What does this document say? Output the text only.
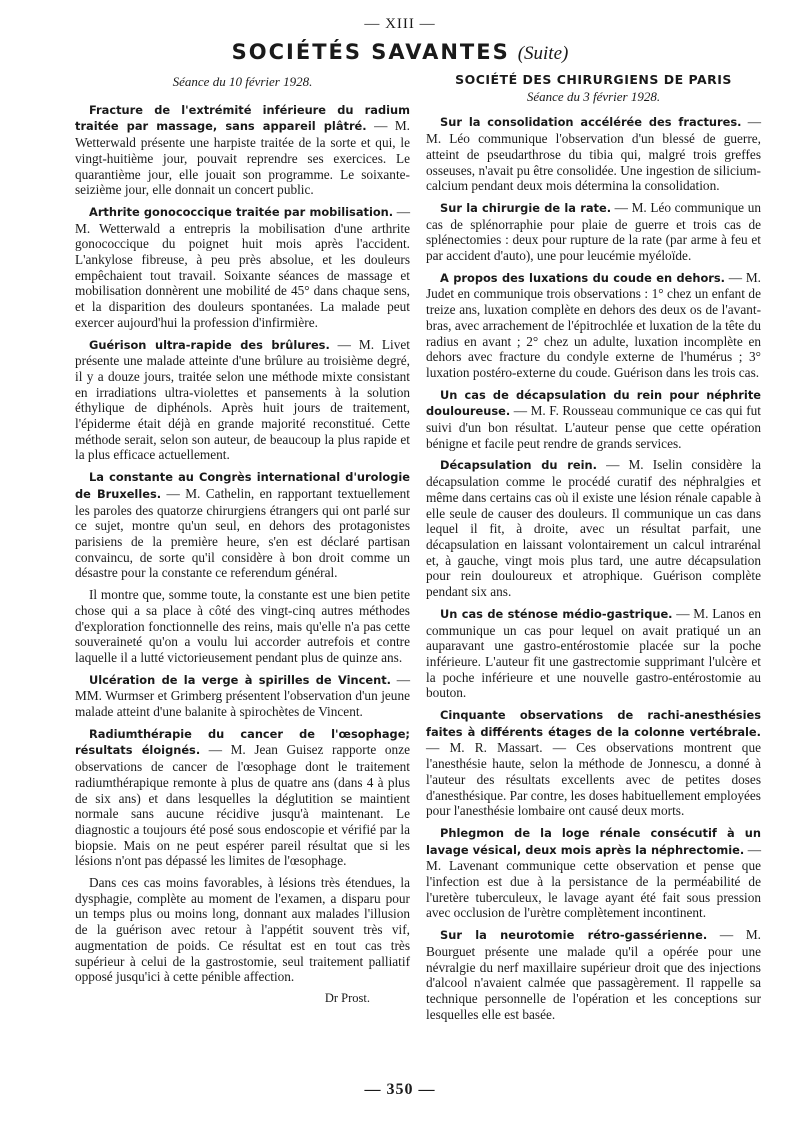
— XIII —
SOCIÉTÉS SAVANTES (Suite)
Séance du 10 février 1928.

Fracture de l'extrémité inférieure du radium traitée par massage, sans appareil plâtré. — M. Wetterwald présente une harpiste traitée de la sorte et qui, le vingt-huitième jour, pouvait reprendre ses exercices. Le quarantième jour, elle jouait son programme. Le soixante-seizième jour, elle donnait un concert public.

Arthrite gonococcique traitée par mobilisation. — M. Wetterwald a entrepris la mobilisation d'une arthrite gonococcique du poignet huit mois après l'accident. L'ankylose fibreuse, à peu près absolue, et les douleurs empêchaient tout travail. Soixante séances de massage et mobilisation donnèrent une mobilité de 45° dans chaque sens, et la disparition des douleurs spontanées. La malade peut exercer aujourd'hui la profession d'infirmière.

Guérison ultra-rapide des brûlures. — M. Livet présente une malade atteinte d'une brûlure au troisième degré, il y a douze jours, traitée selon une méthode mixte consistant en irradiations ultra-violettes et pansements à la solution éthylique de diphénols. Après huit jours de traitement, l'épiderme était déjà en grande majorité reconstitué. Cette méthode serait, selon son auteur, de beaucoup la plus rapide et la plus efficace actuellement.

La constante au Congrès international d'urologie de Bruxelles. — M. Cathelin, en rapportant textuellement les paroles des quatorze chirurgiens étrangers qui ont parlé sur ce sujet, montre qu'un seul, en dehors des protagonistes parisiens de la première heure, s'en est déclaré partisan convaincu, de sorte qu'il considère à bon droit comme un désastre pour la constante ce referendum général.

Il montre que, somme toute, la constante est une bien petite chose qui a sa place à côté des vingt-cinq autres méthodes d'exploration fonctionnelle des reins, mais qu'elle n'a pas cette souveraineté qu'on a voulu lui accorder autrefois et contre laquelle il a lutté victorieusement pendant plus de quinze ans.

Ulcération de la verge à spirilles de Vincent. — MM. Wurmser et Grimberg présentent l'observation d'un jeune malade atteint d'une balanite à spirochètes de Vincent.

Radiumthérapie du cancer de l'œsophage; résultats éloignés. — M. Jean Guisez rapporte onze observations de cancer de l'œsophage dont le traitement radiumthérapique remonte à plus de quatre ans (dans 4 à plus de six ans) et dans lesquelles la déglutition se maintient normale sans aucune récidive jusqu'à maintenant. Le diagnostic a toujours été posé sous endoscopie et vérifié par la biopsie. Mais on ne peut espérer pareil résultat que si les lésions n'ont pas dépassé les limites de l'œsophage.

Dans ces cas moins favorables, à lésions très étendues, la dysphagie, complète au moment de l'examen, a disparu pour un temps plus ou moins long, donnant aux malades l'illusion de la guérison avec retour à l'appétit souvent très vif, augmentation de poids. Ce résultat est en tout cas très supérieur à celui de la gastrostomie, seul traitement palliatif opposé jusqu'ici à cette pénible affection.

Dr Prost.
SOCIÉTÉ DES CHIRURGIENS DE PARIS
Séance du 3 février 1928.

Sur la consolidation accélérée des fractures. — M. Léo communique l'observation d'un blessé de guerre, atteint de pseudarthrose du tibia qui, malgré trois greffes osseuses, n'avait pu être consolidée. Une ingestion de silicium-calcium pendant deux mois détermina la consolidation.

Sur la chirurgie de la rate. — M. Léo communique un cas de splénorraphie pour plaie de guerre et trois cas de splénectomies : deux pour rupture de la rate (par arme à feu et par accident d'auto), une pour leucémie myéloïde.

A propos des luxations du coude en dehors. — M. Judet en communique trois observations : 1° chez un enfant de treize ans, luxation complète en dehors des deux os de l'avant-bras, avec arrachement de l'épitrochlée et luxation de la tête du radius en avant ; 2° chez un adulte, luxation incomplète en dehors avec fracture du condyle externe de l'humérus ; 3° luxation postéro-externe du coude. Guérison dans les trois cas.

Un cas de décapsulation du rein pour néphrite douloureuse. — M. F. Rousseau communique ce cas qui fut suivi d'un bon résultat. L'auteur pense que cette opération bénigne et facile peut rendre de grands services.

Décapsulation du rein. — M. Iselin considère la décapsulation comme le procédé curatif des néphralgies et même dans certains cas où il existe une lésion rénale capable à elle seule de causer des douleurs. Il communique un cas dans lequel il fit, à droite, avec un résultat parfait, une décapsulation en laissant volontairement un calcul intrarénal et, à gauche, vingt mois plus tard, une autre décapsulation pour rein douloureux et atrophique. Guérison complète pendant six ans.

Un cas de sténose médio-gastrique. — M. Lanos en communique un cas pour lequel on avait pratiqué un an auparavant une gastro-entérostomie placée sur la poche inférieure. L'auteur fit une gastrectomie supprimant l'ulcère et la poche inférieure et une nouvelle gastro-entérostomie au bouton.

Cinquante observations de rachi-anesthésies faites à différents étages de la colonne vertébrale. — M. R. Massart. — Ces observations montrent que l'anesthésie haute, selon la méthode de Jonnescu, a donné à l'auteur des résultats excellents avec de petites doses d'anesthésique. Par contre, les doses habituellement employées pour l'anesthésie lombaire ont causé deux morts.

Phlegmon de la loge rénale consécutif à un lavage vésical, deux mois après la néphrectomie. — M. Lavenant communique cette observation et pense que l'infection est due à la persistance de la perméabilité de l'uretère tuberculeux, le lavage ayant été fait sous pression avec occlusion de l'urètre complètement incontinent.

Sur la neurotomie rétro-gassérienne. — M. Bourguet présente une malade qu'il a opérée pour une névralgie du nerf maxillaire supérieur droit que des injections d'alcool n'avaient calmée que passagèrement. Il rappelle sa technique personnelle de l'opération et les conceptions sur lesquelles elle est basée.

— 350 —
